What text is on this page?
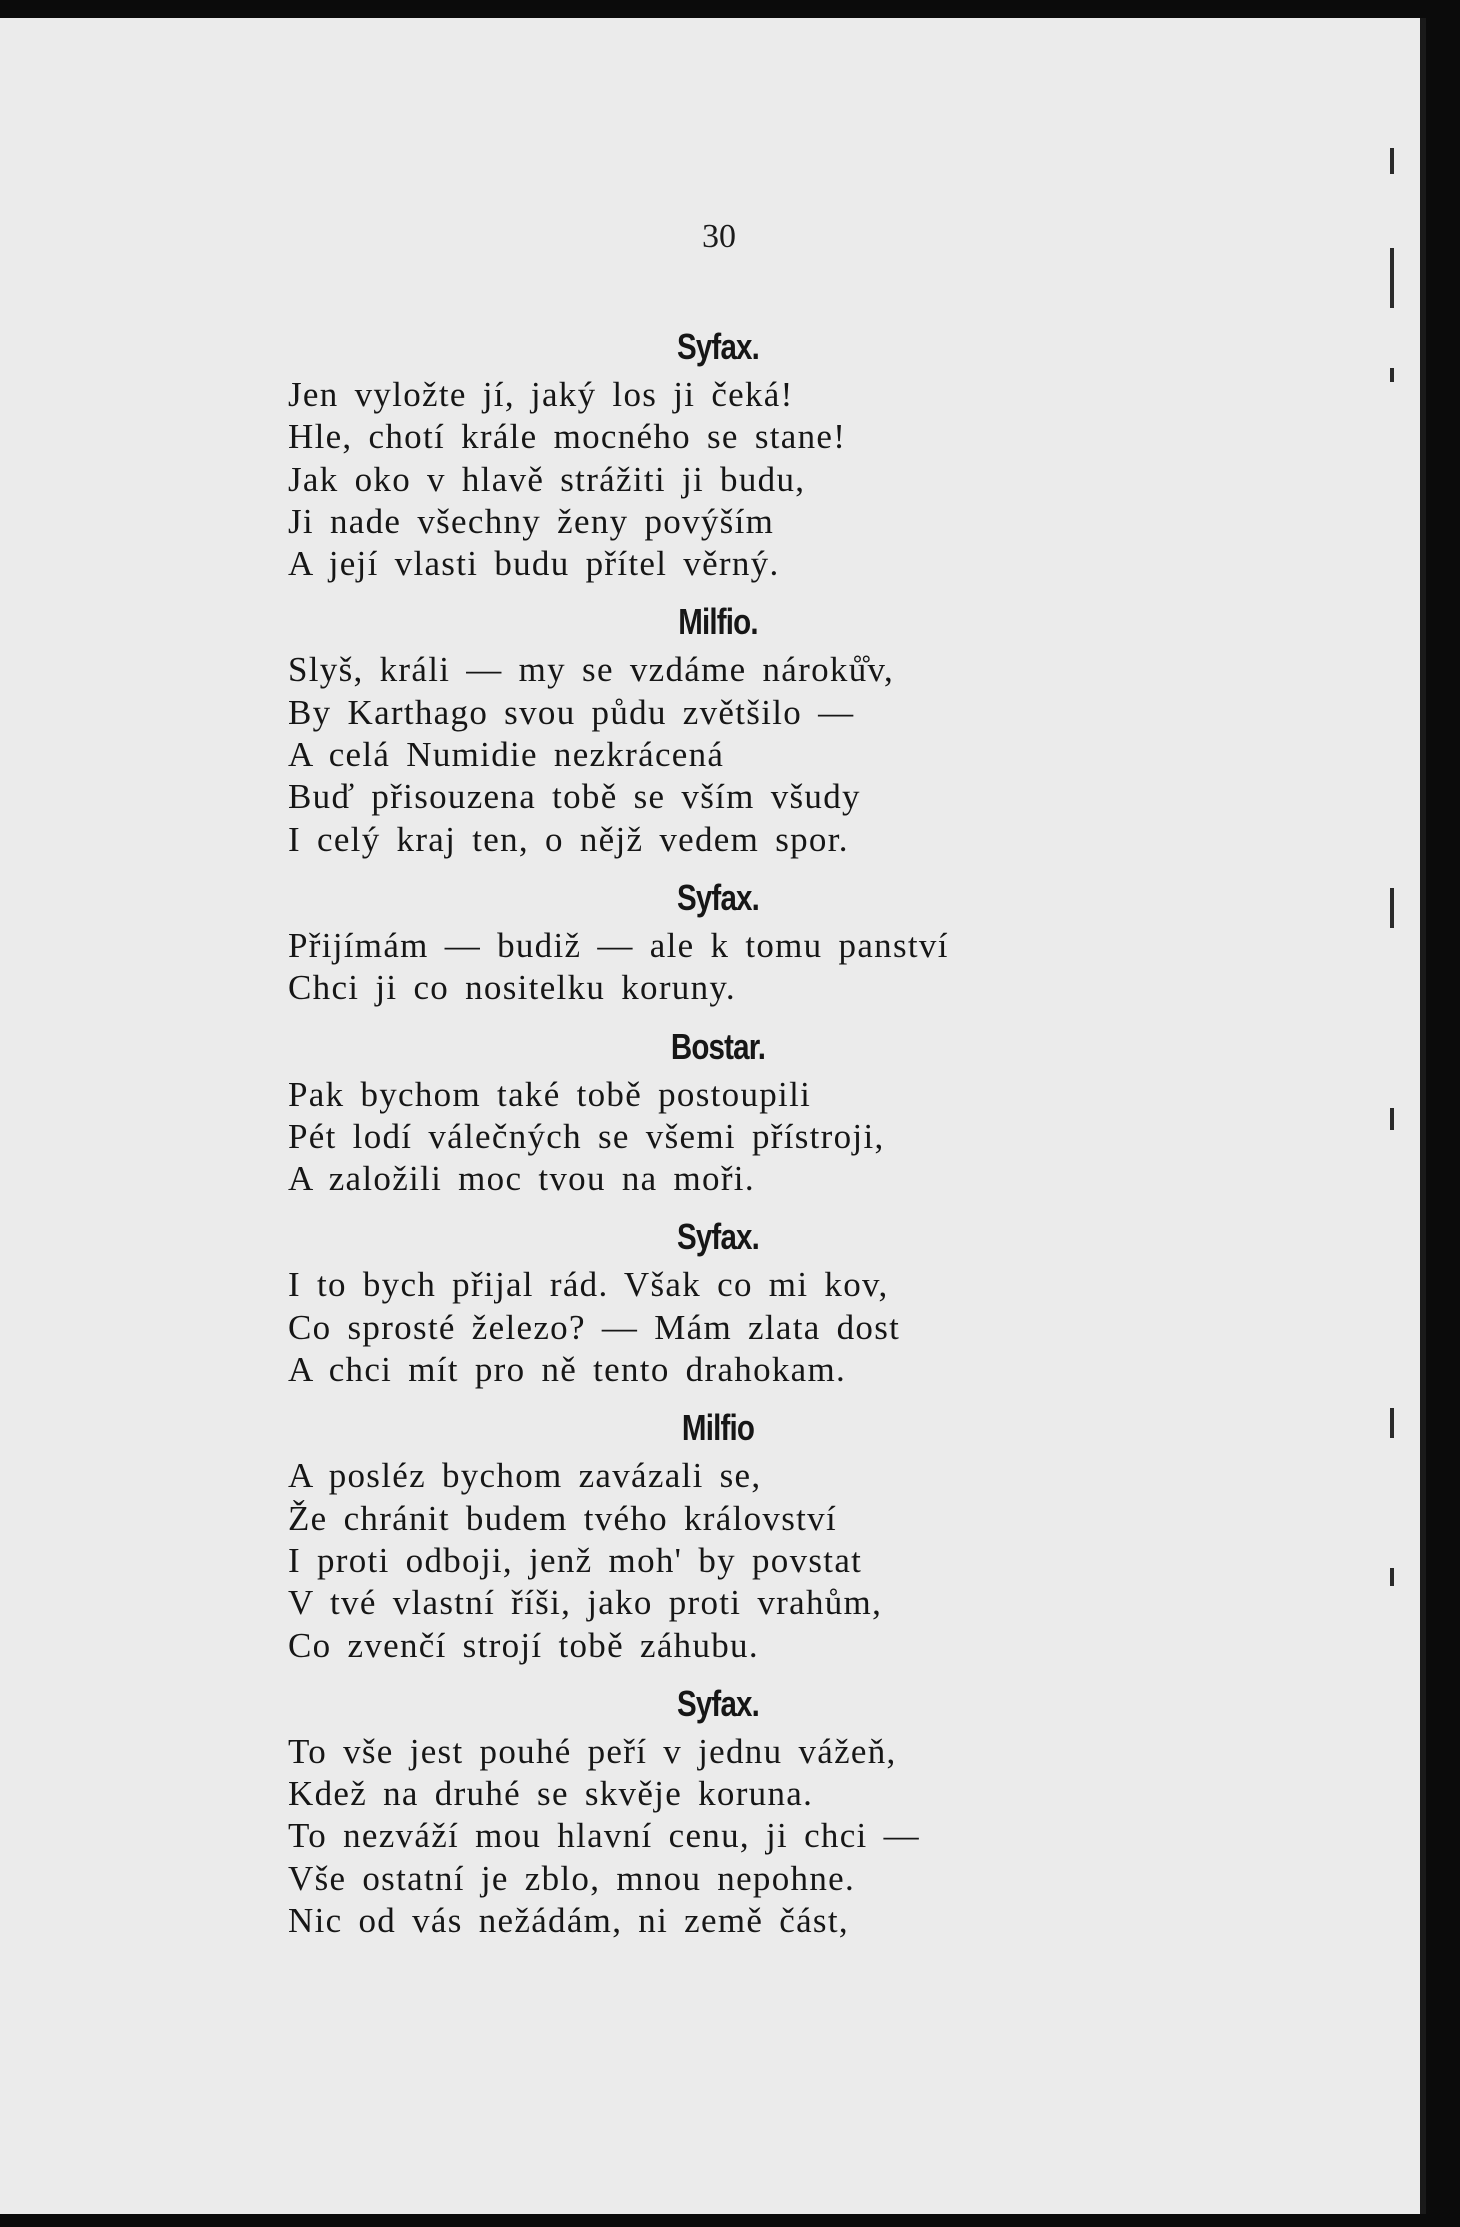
30
Syfax.
Jen vyložte jí, jaký los ji čeká!
Hle, chotí krále mocného se stane!
Jak oko v hlavě strážiti ji budu,
Ji nade všechny ženy povýším
A její vlasti budu přítel věrný.
Milfio.
Slyš, králi — my se vzdáme nároků̊v,
By Karthago svou půdu zvětšilo —
A celá Numidie nezkrácená
Buď přisouzena tobě se vším všudy
I celý kraj ten, o nějž vedem spor.
Syfax.
Přijímám — budiž — ale k tomu panství
Chci ji co nositelku koruny.
Bostar.
Pak bychom také tobě postoupili
Pét lodí válečných se všemi přístroji,
A založili moc tvou na moři.
Syfax.
I to bych přijal rád. Však co mi kov,
Co sprosté železo? — Mám zlata dost
A chci mít pro ně tento drahokam.
Milfio
A posléz bychom zavázali se,
Že chránit budem tvého království
I proti odboji, jenž moh' by povstat
V tvé vlastní říši, jako proti vrahům,
Co zvenčí strojí tobě záhubu.
Syfax.
To vše jest pouhé peří v jednu vážeň,
Kdež na druhé se skvěje koruna.
To nezváží mou hlavní cenu, ji chci —
Vše ostatní je zblo, mnou nepohne.
Nic od vás nežádám, ni země část,
